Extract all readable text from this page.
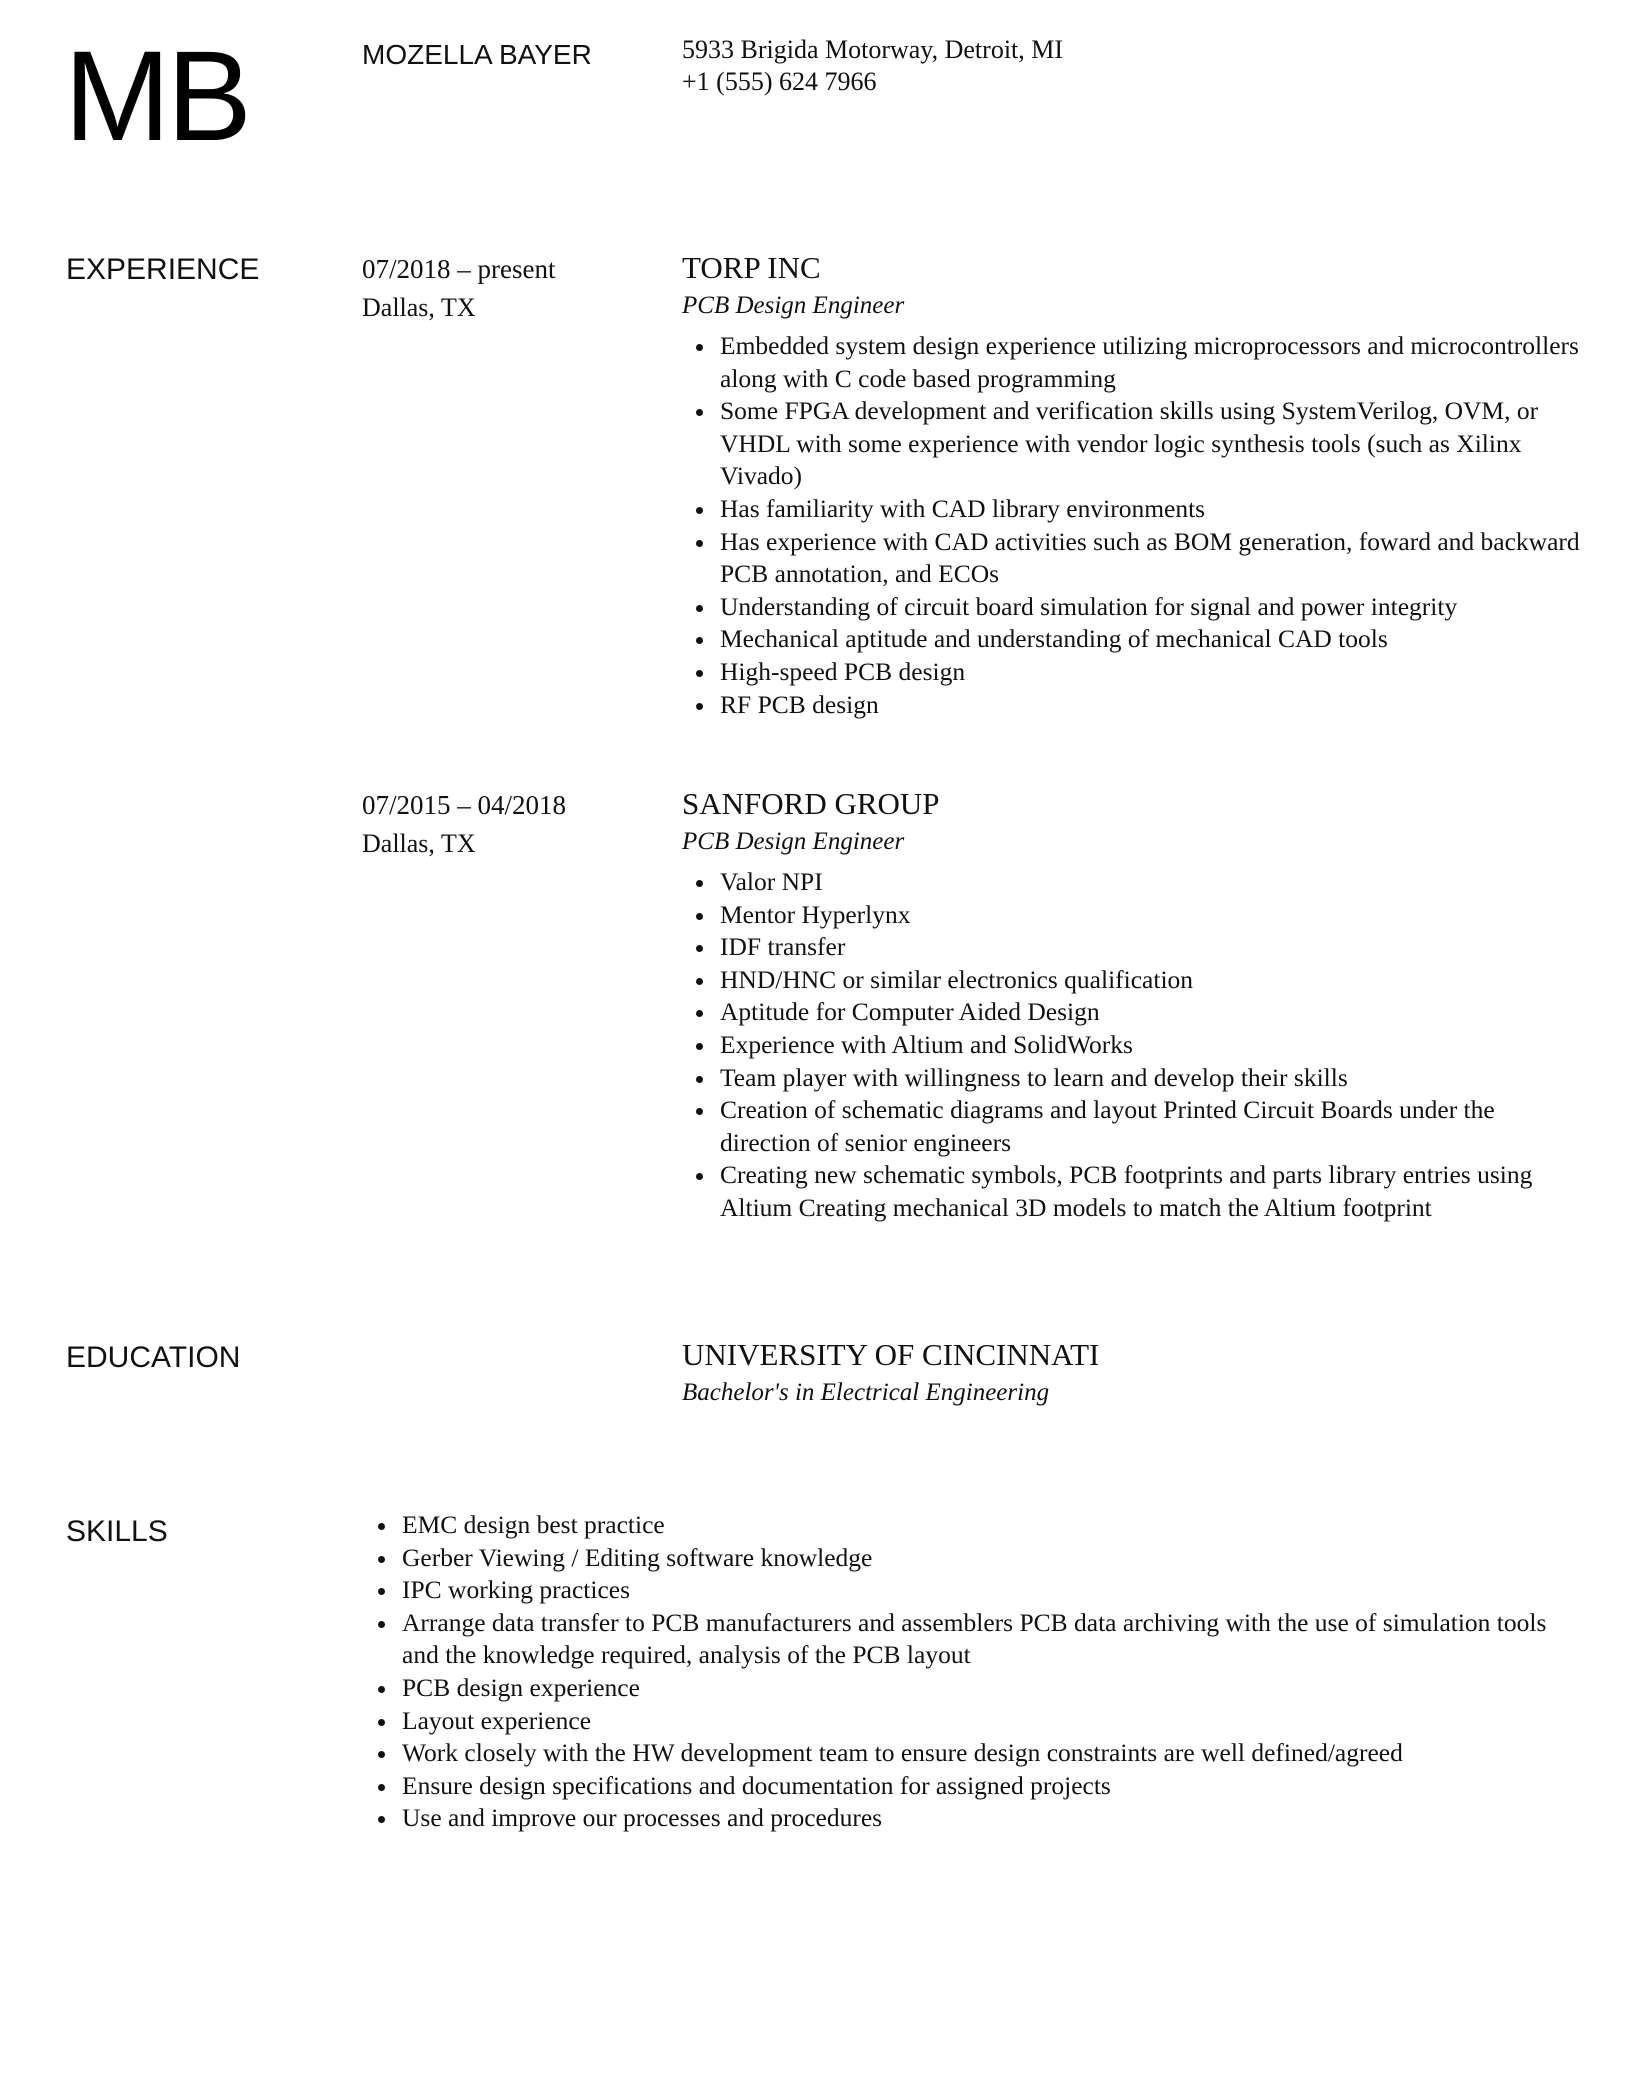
MB	MOZELLA BAYER	5933 Brigida Motorway, Detroit, MI
+1 (555) 624 7966
EXPERIENCE	07/2018 – present
Dallas, TX
TORP INC
PCB Design Engineer
Embedded system design experience utilizing microprocessors and microcontrollers along with C code based programming
Some FPGA development and verification skills using SystemVerilog, OVM, or VHDL with some experience with vendor logic synthesis tools (such as Xilinx Vivado)
Has familiarity with CAD library environments
Has experience with CAD activities such as BOM generation, foward and backward PCB annotation, and ECOs
Understanding of circuit board simulation for signal and power integrity
Mechanical aptitude and understanding of mechanical CAD tools
High-speed PCB design
RF PCB design
07/2015 – 04/2018
Dallas, TX
SANFORD GROUP
PCB Design Engineer
Valor NPI
Mentor Hyperlynx
IDF transfer
HND/HNC or similar electronics qualification
Aptitude for Computer Aided Design
Experience with Altium and SolidWorks
Team player with willingness to learn and develop their skills
Creation of schematic diagrams and layout Printed Circuit Boards under the direction of senior engineers
Creating new schematic symbols, PCB footprints and parts library entries using Altium Creating mechanical 3D models to match the Altium footprint
EDUCATION	UNIVERSITY OF CINCINNATI
Bachelor's in Electrical Engineering
SKILLS	EMC design best practice
Gerber Viewing / Editing software knowledge
IPC working practices
Arrange data transfer to PCB manufacturers and assemblers PCB data archiving with the use of simulation tools and the knowledge required, analysis of the PCB layout
PCB design experience
Layout experience
Work closely with the HW development team to ensure design constraints are well defined/agreed
Ensure design specifications and documentation for assigned projects
Use and improve our processes and procedures
